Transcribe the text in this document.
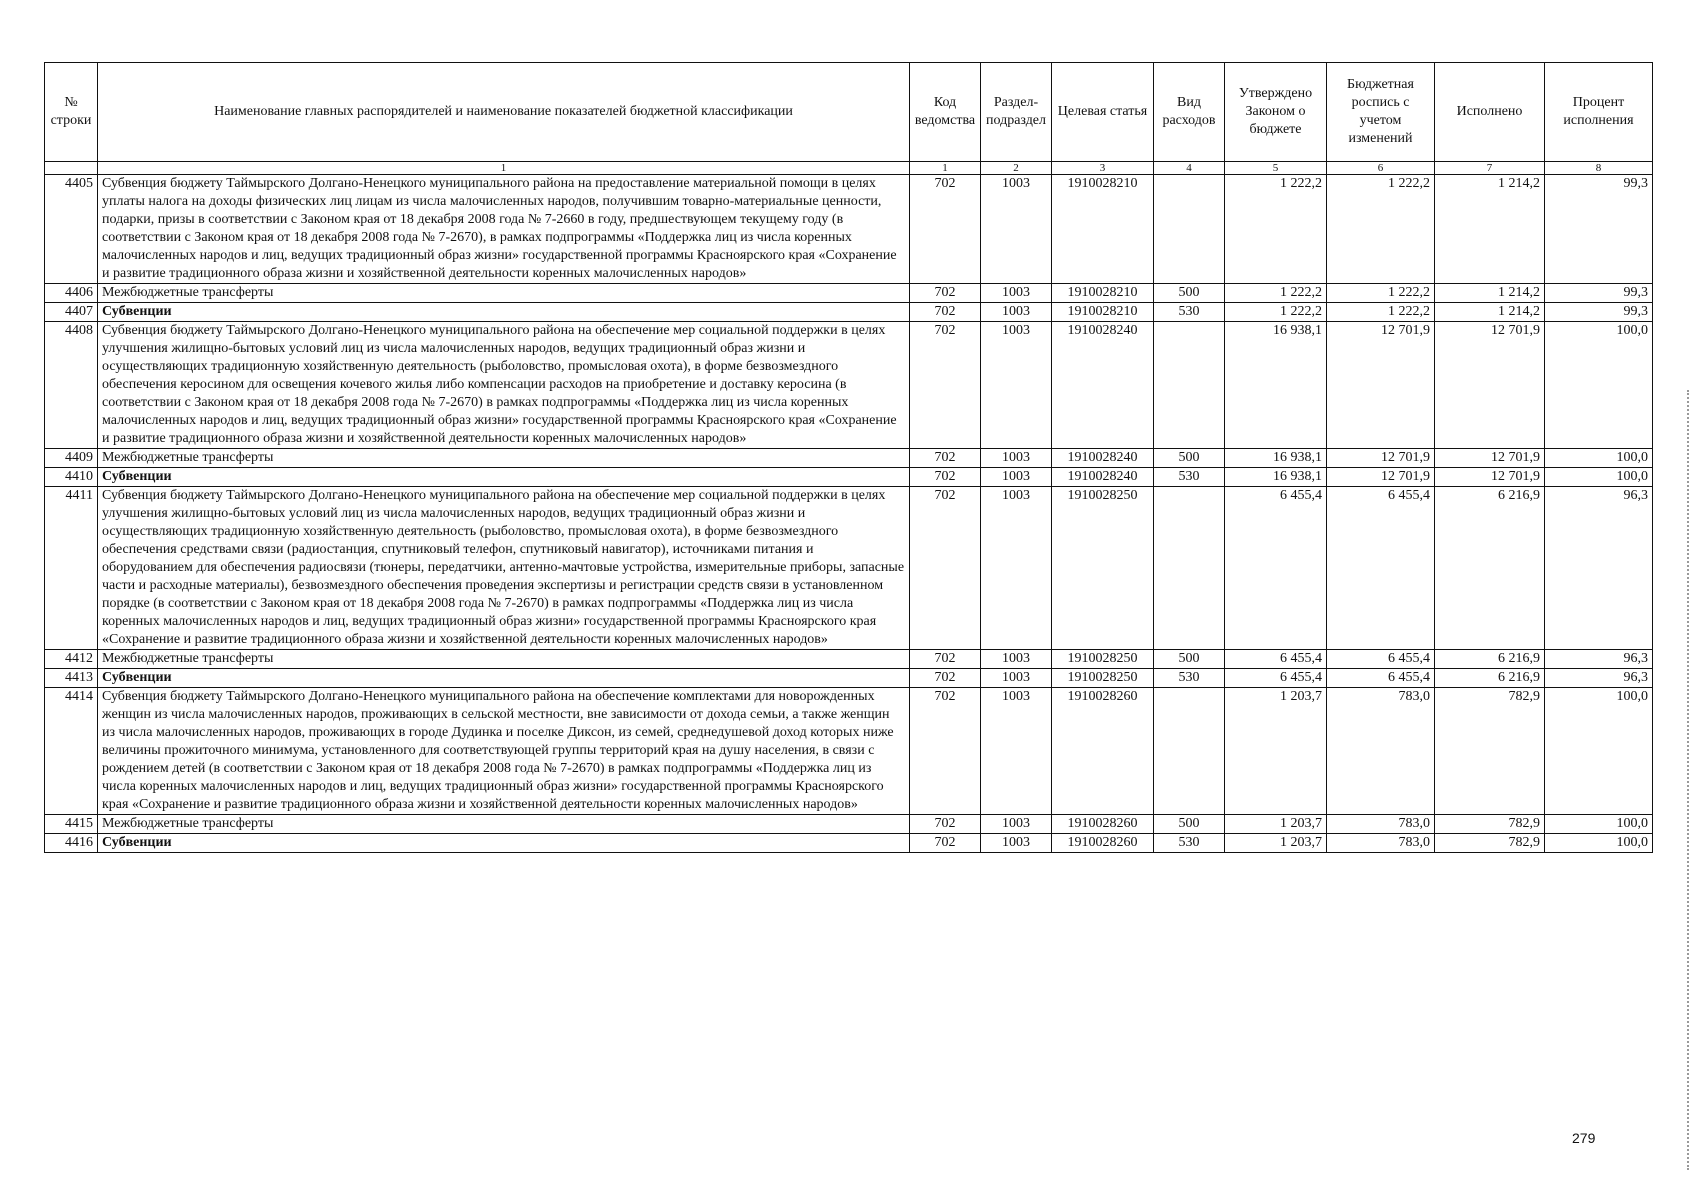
№ строки	Наименование главных распорядителей и наименование показателей бюджетной классификации	Код ведомства	Раздел-подраздел	Целевая статья	Вид расходов	Утверждено Законом о бюджете	Бюджетная роспись с учетом изменений	Исполнено	Процент исполнения
	1	1	2	3	4	5	6	7	8
4405	Субвенция бюджету Таймырского Долгано-Ненецкого муниципального района на предоставление материальной помощи в целях уплаты налога на доходы физических лиц лицам из числа малочисленных народов, получившим товарно-материальные ценности, подарки, призы в соответствии с Законом края от 18 декабря 2008 года № 7-2660 в году, предшествующем текущему году (в соответствии с Законом края от 18 декабря 2008 года № 7-2670), в рамках подпрограммы «Поддержка лиц из числа коренных малочисленных народов и лиц, ведущих традиционный образ жизни» государственной программы Красноярского края «Сохранение и развитие традиционного образа жизни и хозяйственной деятельности коренных малочисленных народов»	702	1003	1910028210		1 222,2	1 222,2	1 214,2	99,3
4406	Межбюджетные трансферты	702	1003	1910028210	500	1 222,2	1 222,2	1 214,2	99,3
4407	Субвенции	702	1003	1910028210	530	1 222,2	1 222,2	1 214,2	99,3
4408	Субвенция бюджету Таймырского Долгано-Ненецкого муниципального района на обеспечение мер социальной поддержки в целях улучшения жилищно-бытовых условий лиц из числа малочисленных народов, ведущих традиционный образ жизни и осуществляющих традиционную хозяйственную деятельность (рыболовство, промысловая охота), в форме безвозмездного обеспечения керосином для освещения кочевого жилья либо компенсации расходов на приобретение и доставку керосина (в соответствии с Законом края от 18 декабря 2008 года № 7-2670) в рамках подпрограммы «Поддержка лиц из числа коренных малочисленных народов и лиц, ведущих традиционный образ жизни» государственной программы Красноярского края «Сохранение и развитие традиционного образа жизни и хозяйственной деятельности коренных малочисленных народов»	702	1003	1910028240		16 938,1	12 701,9	12 701,9	100,0
4409	Межбюджетные трансферты	702	1003	1910028240	500	16 938,1	12 701,9	12 701,9	100,0
4410	Субвенции	702	1003	1910028240	530	16 938,1	12 701,9	12 701,9	100,0
4411	Субвенция бюджету Таймырского Долгано-Ненецкого муниципального района на обеспечение мер социальной поддержки в целях улучшения жилищно-бытовых условий лиц из числа малочисленных народов, ведущих традиционный образ жизни и осуществляющих традиционную хозяйственную деятельность (рыболовство, промысловая охота), в форме безвозмездного обеспечения средствами связи (радиостанция, спутниковый телефон, спутниковый навигатор), источниками питания и оборудованием для обеспечения радиосвязи (тюнеры, передатчики, антенно-мачтовые устройства, измерительные приборы, запасные части и расходные материалы), безвозмездного обеспечения проведения экспертизы и регистрации средств связи в установленном порядке (в соответствии с Законом края от 18 декабря 2008 года № 7-2670) в рамках подпрограммы «Поддержка лиц из числа коренных малочисленных народов и лиц, ведущих традиционный образ жизни» государственной программы Красноярского края «Сохранение и развитие традиционного образа жизни и хозяйственной деятельности коренных малочисленных народов»	702	1003	1910028250		6 455,4	6 455,4	6 216,9	96,3
4412	Межбюджетные трансферты	702	1003	1910028250	500	6 455,4	6 455,4	6 216,9	96,3
4413	Субвенции	702	1003	1910028250	530	6 455,4	6 455,4	6 216,9	96,3
4414	Субвенция бюджету Таймырского Долгано-Ненецкого муниципального района на обеспечение комплектами для новорожденных женщин из числа малочисленных народов, проживающих в сельской местности, вне зависимости от дохода семьи, а также женщин из числа малочисленных народов, проживающих в городе Дудинка и поселке Диксон, из семей, среднедушевой доход которых ниже величины прожиточного минимума, установленного для соответствующей группы территорий края на душу населения, в связи с рождением детей (в соответствии с Законом края от 18 декабря 2008 года № 7-2670) в рамках подпрограммы «Поддержка лиц из числа коренных малочисленных народов и лиц, ведущих традиционный образ жизни» государственной программы Красноярского края «Сохранение и развитие традиционного образа жизни и хозяйственной деятельности коренных малочисленных народов»	702	1003	1910028260		1 203,7	783,0	782,9	100,0
4415	Межбюджетные трансферты	702	1003	1910028260	500	1 203,7	783,0	782,9	100,0
4416	Субвенции	702	1003	1910028260	530	1 203,7	783,0	782,9	100,0
279
